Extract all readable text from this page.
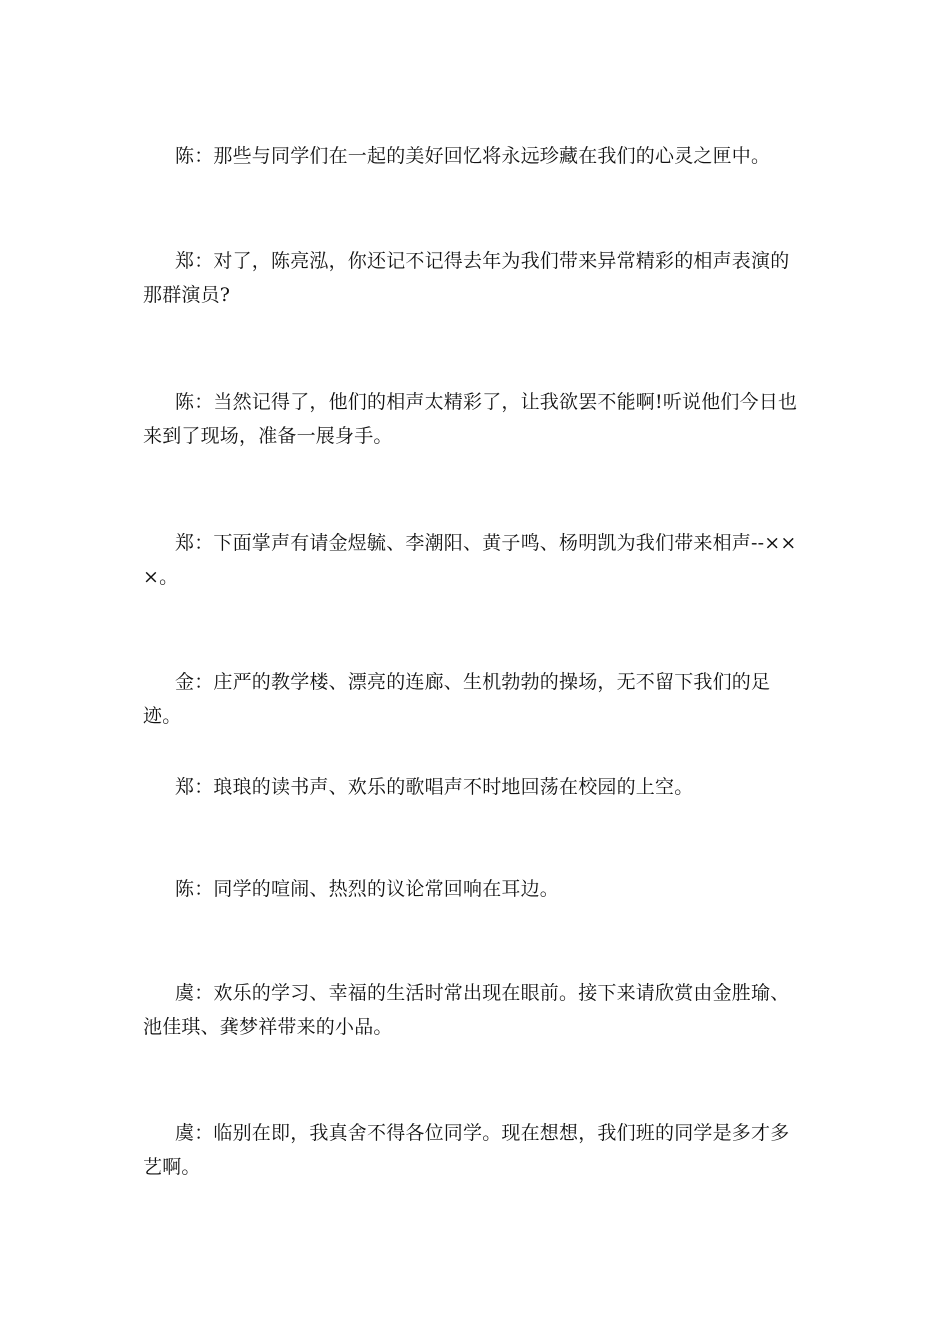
陈：那些与同学们在一起的美好回忆将永远珍藏在我们的心灵之匣中。

郑：对了，陈亮泓，你还记不记得去年为我们带来异常精彩的相声表演的那群演员?

陈：当然记得了，他们的相声太精彩了，让我欲罢不能啊!听说他们今日也来到了现场，准备一展身手。

郑：下面掌声有请金煜毓、李潮阳、黄子鸣、杨明凯为我们带来相声--×××。

金：庄严的教学楼、漂亮的连廊、生机勃勃的操场，无不留下我们的足迹。

郑：琅琅的读书声、欢乐的歌唱声不时地回荡在校园的上空。

陈：同学的喧闹、热烈的议论常回响在耳边。

虞：欢乐的学习、幸福的生活时常出现在眼前。接下来请欣赏由金胜瑜、池佳琪、龚梦祥带来的小品。

虞：临别在即，我真舍不得各位同学。现在想想，我们班的同学是多才多艺啊。
